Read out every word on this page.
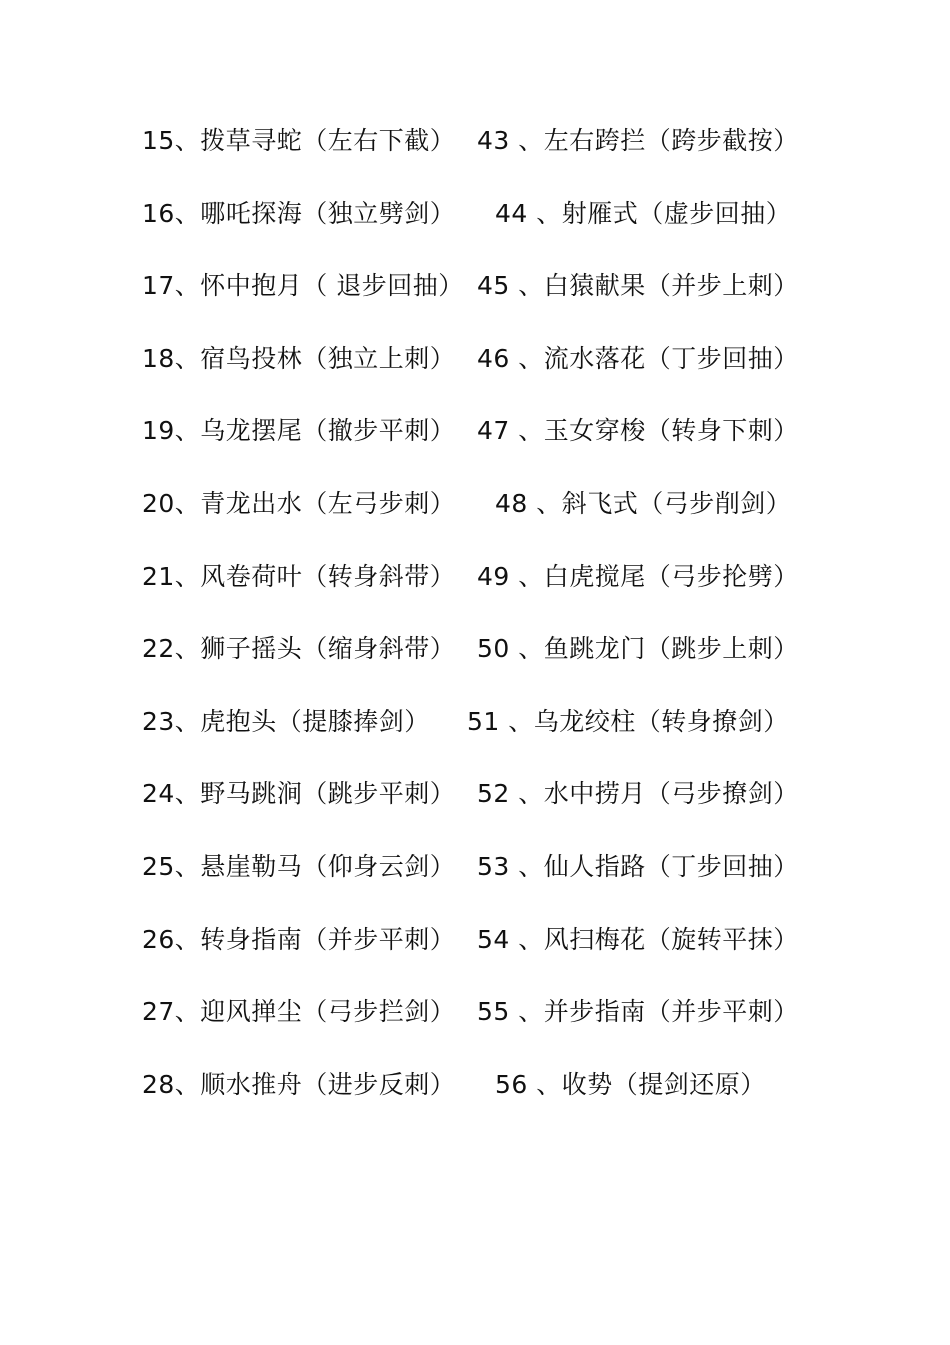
15、拨草寻蛇（左右下截） 43 、左右跨拦（跨步截按）
16、哪吒探海（独立劈剑）44 、射雁式（虚步回抽）
17、怀中抱月（ 退步回抽） 45 、白猿献果（并步上刺）
18、宿鸟投林（独立上刺） 46 、流水落花（丁步回抽）
19、乌龙摆尾（撤步平刺） 47 、玉女穿梭（转身下刺）
20、青龙出水（左弓步刺）48 、斜飞式（弓步削剑）
21、风卷荷叶（转身斜带） 49 、白虎搅尾（弓步抡劈）
22、狮子摇头（缩身斜带） 50 、鱼跳龙门（跳步上刺）
23、虎抱头（提膝捧剑） 51 、乌龙绞柱（转身撩剑）
24、野马跳涧（跳步平刺） 52 、水中捞月（弓步撩剑）
25、悬崖勒马（仰身云剑） 53 、仙人指路（丁步回抽）
26、转身指南（并步平刺） 54 、风扫梅花（旋转平抹）
27、迎风掸尘（弓步拦剑） 55 、并步指南（并步平刺）
28、顺水推舟（进步反刺）56 、收势（提剑还原）
